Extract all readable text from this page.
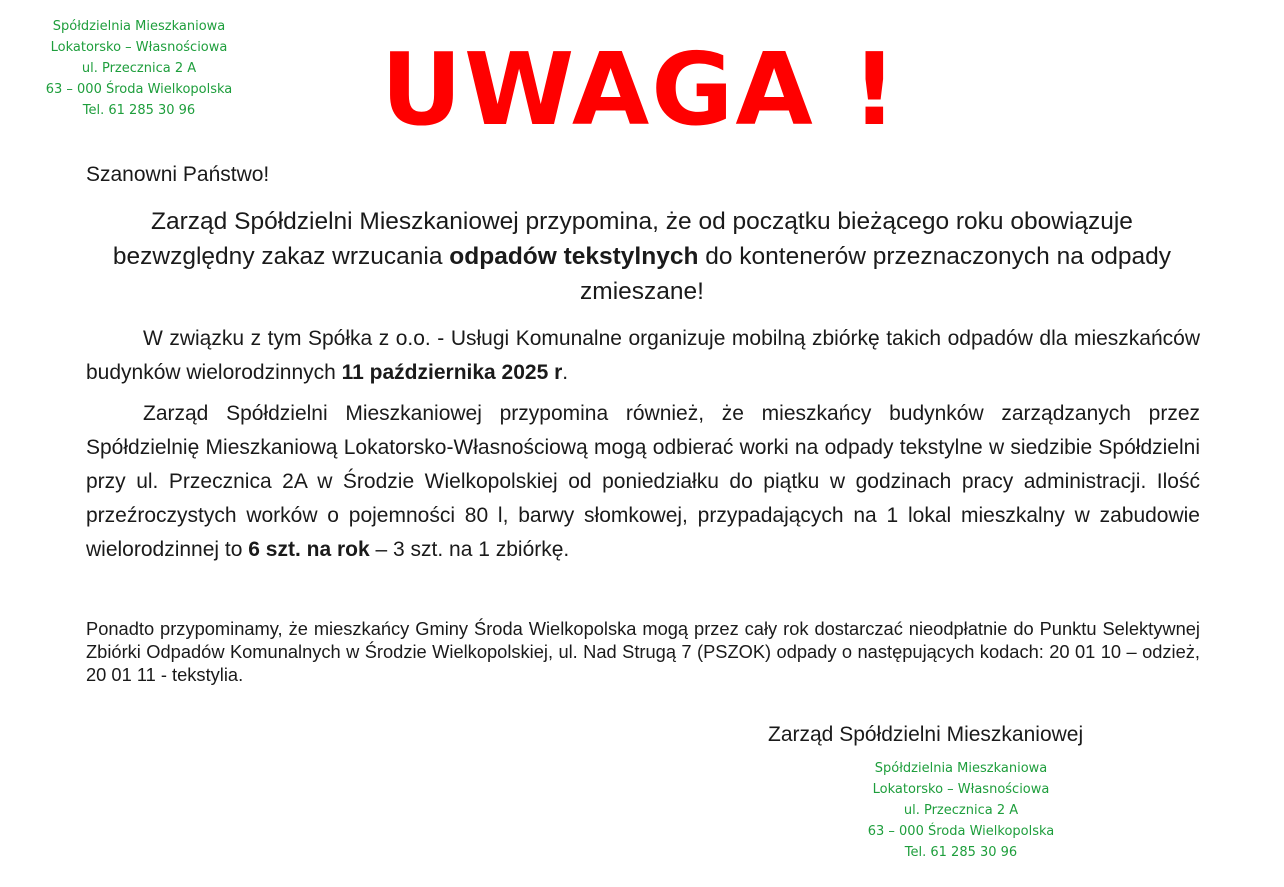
Spółdzielnia Mieszkaniowa
Lokatorsko – Własnościowa
ul. Przecznica 2 A
63 – 000 Środa Wielkopolska
Tel. 61 285 30 96	UWAGA !
Szanowni Państwo!
Zarząd Spółdzielni Mieszkaniowej przypomina, że od początku bieżącego roku obowiązuje bezwzględny zakaz wrzucania odpadów tekstylnych do kontenerów przeznaczonych na odpady zmieszane!
W związku z tym Spółka z o.o. - Usługi Komunalne organizuje mobilną zbiórkę takich odpadów dla mieszkańców budynków wielorodzinnych 11 października 2025 r.
Zarząd Spółdzielni Mieszkaniowej przypomina również, że mieszkańcy budynków zarządzanych przez Spółdzielnię Mieszkaniową Lokatorsko-Własnościową mogą odbierać worki na odpady tekstylne w siedzibie Spółdzielni przy ul. Przecznica 2A w Środzie Wielkopolskiej od poniedziałku do piątku w godzinach pracy administracji. Ilość przeźroczystych worków o pojemności 80 l, barwy słomkowej, przypadających na 1 lokal mieszkalny w zabudowie wielorodzinnej to 6 szt. na rok – 3 szt. na 1 zbiórkę.
Ponadto przypominamy, że mieszkańcy Gminy Środa Wielkopolska mogą przez cały rok dostarczać nieodpłatnie do Punktu Selektywnej Zbiórki Odpadów Komunalnych w Środzie Wielkopolskiej, ul. Nad Strugą 7 (PSZOK) odpady o następujących kodach: 20 01 10 – odzież, 20 01 11 - tekstylia.
Zarząd Spółdzielni Mieszkaniowej
Spółdzielnia Mieszkaniowa
Lokatorsko – Własnościowa
ul. Przecznica 2 A
63 – 000 Środa Wielkopolska
Tel. 61 285 30 96
